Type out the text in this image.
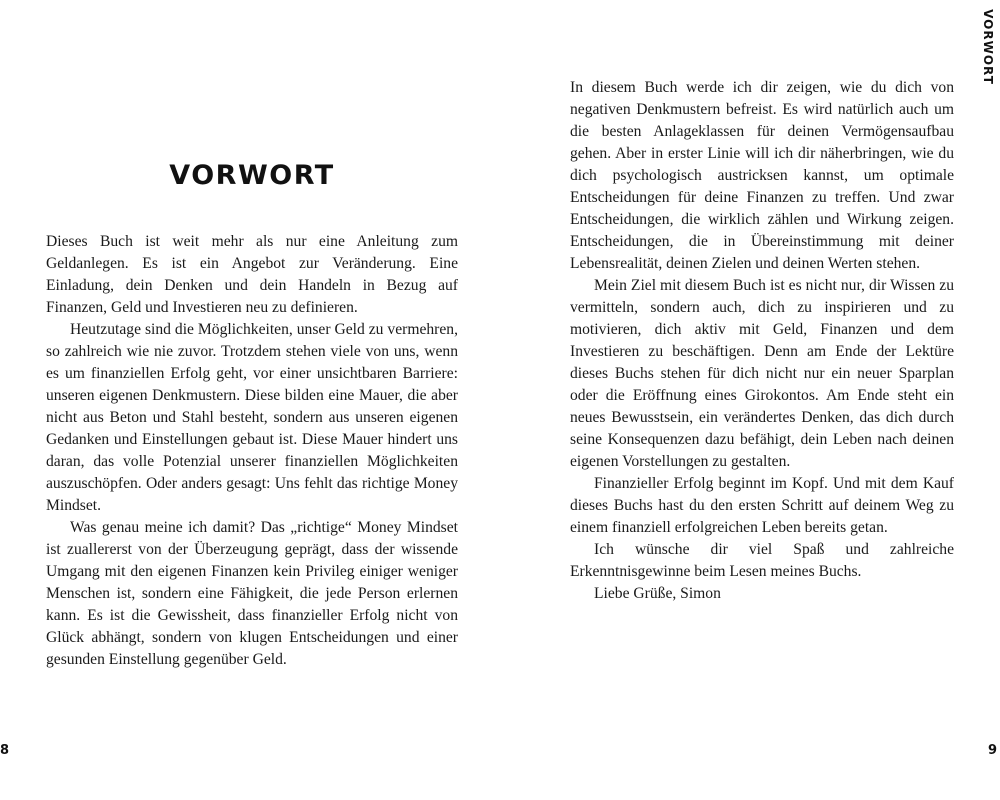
VORWORT

Dieses Buch ist weit mehr als nur eine Anleitung zum Geldanlegen. Es ist ein Angebot zur Veränderung. Eine Einladung, dein Denken und dein Handeln in Bezug auf Finanzen, Geld und Investieren neu zu definieren.

Heutzutage sind die Möglichkeiten, unser Geld zu vermehren, so zahlreich wie nie zuvor. Trotzdem stehen viele von uns, wenn es um finanziellen Erfolg geht, vor einer unsichtbaren Barriere: unseren eigenen Denkmustern. Diese bilden eine Mauer, die aber nicht aus Beton und Stahl besteht, sondern aus unseren eigenen Gedanken und Einstellungen gebaut ist. Diese Mauer hindert uns daran, das volle Potenzial unserer finanziellen Möglichkeiten auszuschöpfen. Oder anders gesagt: Uns fehlt das richtige Money Mindset.

Was genau meine ich damit? Das „richtige“ Money Mindset ist zuallererst von der Überzeugung geprägt, dass der wissende Umgang mit den eigenen Finanzen kein Privileg einiger weniger Menschen ist, sondern eine Fähigkeit, die jede Person erlernen kann. Es ist die Gewissheit, dass finanzieller Erfolg nicht von Glück abhängt, sondern von klugen Entscheidungen und einer gesunden Einstellung gegenüber Geld.

8
VORWORT

In diesem Buch werde ich dir zeigen, wie du dich von negativen Denkmustern befreist. Es wird natürlich auch um die besten Anlageklassen für deinen Vermögensaufbau gehen. Aber in erster Linie will ich dir näherbringen, wie du dich psychologisch austricksen kannst, um optimale Entscheidungen für deine Finanzen zu treffen. Und zwar Entscheidungen, die wirklich zählen und Wirkung zeigen. Entscheidungen, die in Übereinstimmung mit deiner Lebensrealität, deinen Zielen und deinen Werten stehen.

Mein Ziel mit diesem Buch ist es nicht nur, dir Wissen zu vermitteln, sondern auch, dich zu inspirieren und zu motivieren, dich aktiv mit Geld, Finanzen und dem Investieren zu beschäftigen. Denn am Ende der Lektüre dieses Buchs stehen für dich nicht nur ein neuer Sparplan oder die Eröffnung eines Girokontos. Am Ende steht ein neues Bewusstsein, ein verändertes Denken, das dich durch seine Konsequenzen dazu befähigt, dein Leben nach deinen eigenen Vorstellungen zu gestalten.

Finanzieller Erfolg beginnt im Kopf. Und mit dem Kauf dieses Buchs hast du den ersten Schritt auf deinem Weg zu einem finanziell erfolgreichen Leben bereits getan.

Ich wünsche dir viel Spaß und zahlreiche Erkenntnisgewinne beim Lesen meines Buchs.

Liebe Grüße, Simon

9
